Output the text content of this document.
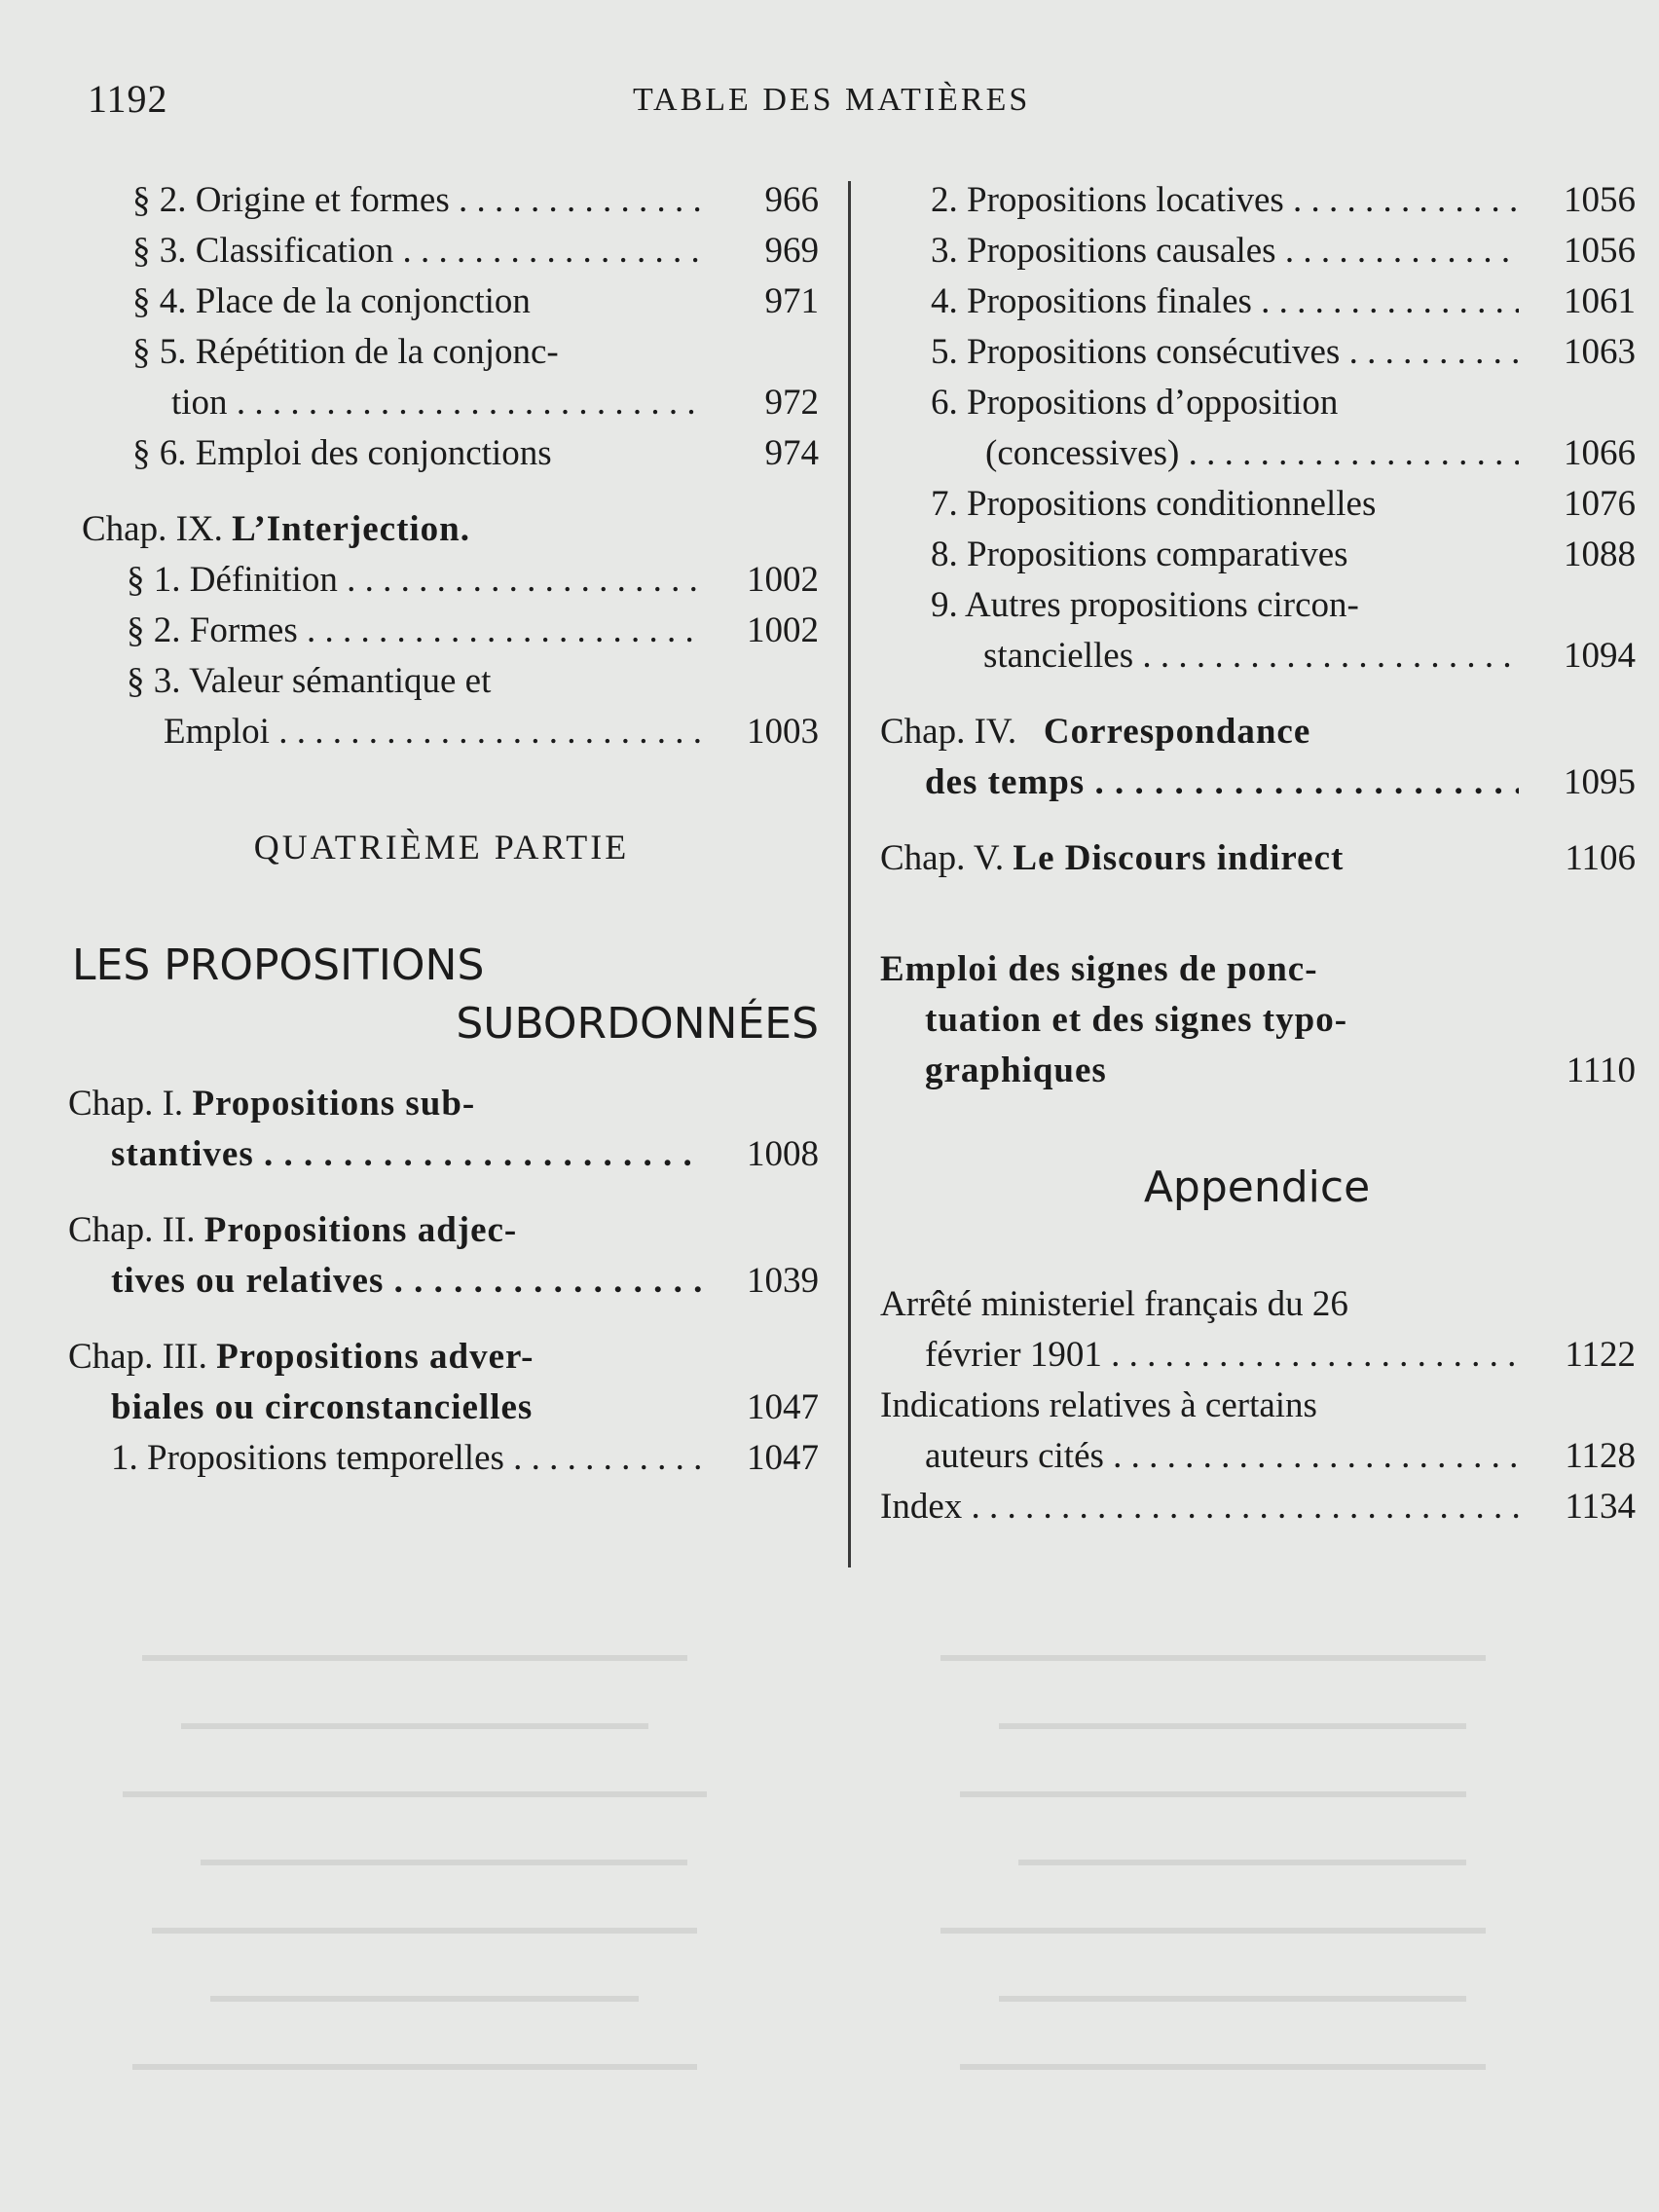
1192	TABLE DES MATIÈRES
§ 2. Origine et formes . . .	966
§ 3. Classification . . .	969
§ 4. Place de la conjonction	971
§ 5. Répétition de la conjonc-
tion . . .	972
§ 6. Emploi des conjonctions	974
Chap. IX. L’Interjection.
§ 1. Définition . . .	1002
§ 2. Formes . . .	1002
§ 3. Valeur sémantique et
Emploi . . .	1003
QUATRIÈME PARTIE
LES PROPOSITIONS
SUBORDONNÉES
Chap. I. Propositions sub-
stantives . . .	1008
Chap. II. Propositions adjec-
tives ou relatives . . .	1039
Chap. III. Propositions adver-
biales ou circonstancielles	1047
1. Propositions temporelles . . .	1047
2. Propositions locatives . . .	1056
3. Propositions causales . . .	1056
4. Propositions finales . . .	1061
5. Propositions consécutives . . .	1063
6. Propositions d’opposition
(concessives) . . .	1066
7. Propositions conditionnelles	1076
8. Propositions comparatives	1088
9. Autres propositions circon-
stancielles . . .	1094
Chap. IV. Correspondance
des temps . . .	1095
Chap. V. Le Discours indirect	1106
Emploi des signes de ponc-
tuation et des signes typo-
graphiques	1110
Appendice
Arrêté ministeriel français du 26
février 1901 . . .	1122
Indications relatives à certains
auteurs cités . . .	1128
Index . . .	1134
